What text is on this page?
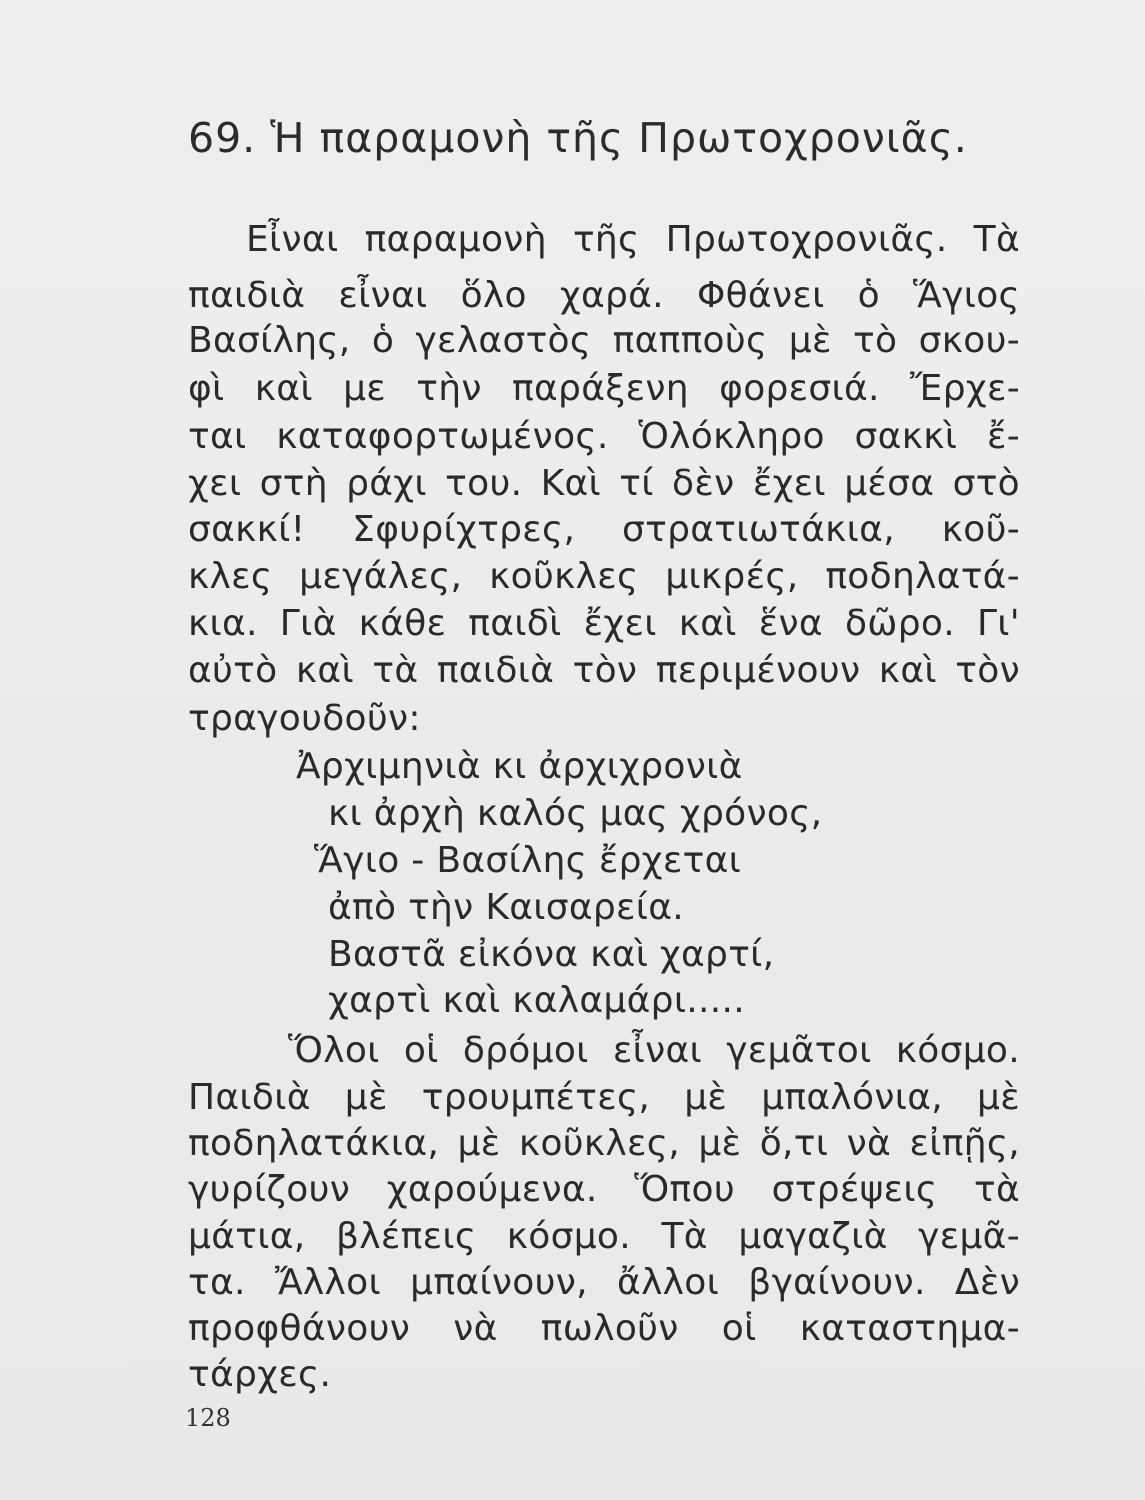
69. Ἡ παραμονὴ τῆς Πρωτοχρονιᾶς.
Εἶναι παραμονὴ τῆς Πρωτοχρονιᾶς. Τὰ
παιδιὰ εἶναι ὅλο χαρά. Φθάνει ὁ Ἅγιος
Βασίλης, ὁ γελαστὸς παπποὺς μὲ τὸ σκου-
φὶ καὶ με τὴν παράξενη φορεσιά. Ἔρχε-
ται καταφορτωμένος. Ὁλόκληρο σακκὶ ἔ-
χει στὴ ράχι του. Καὶ τί δὲν ἔχει μέσα στὸ
σακκί! Σφυρίχτρες, στρατιωτάκια, κοῦ-
κλες μεγάλες, κοῦκλες μικρές, ποδηλατά-
κια. Γιὰ κάθε παιδὶ ἔχει καὶ ἕνα δῶρο. Γι'
αὐτὸ καὶ τὰ παιδιὰ τὸν περιμένουν καὶ τὸν
τραγουδοῦν:
Ἀρχιμηνιὰ κι ἀρχιχρονιὰ
κι ἀρχὴ καλός μας χρόνος,
Ἅγιο - Βασίλης ἔρχεται
ἀπὸ τὴν Καισαρεία.
Βαστᾶ εἰκόνα καὶ χαρτί,
χαρτὶ καὶ καλαμάρι.....
Ὅλοι οἱ δρόμοι εἶναι γεμᾶτοι κόσμο.
Παιδιὰ μὲ τρουμπέτες, μὲ μπαλόνια, μὲ
ποδηλατάκια, μὲ κοῦκλες, μὲ ὅ,τι νὰ εἰπῇς,
γυρίζουν χαρούμενα. Ὅπου στρέψεις τὰ
μάτια, βλέπεις κόσμο. Τὰ μαγαζιὰ γεμᾶ-
τα. Ἄλλοι μπαίνουν, ἄλλοι βγαίνουν. Δὲν
προφθάνουν νὰ πωλοῦν οἱ καταστημα-
τάρχες.
128
